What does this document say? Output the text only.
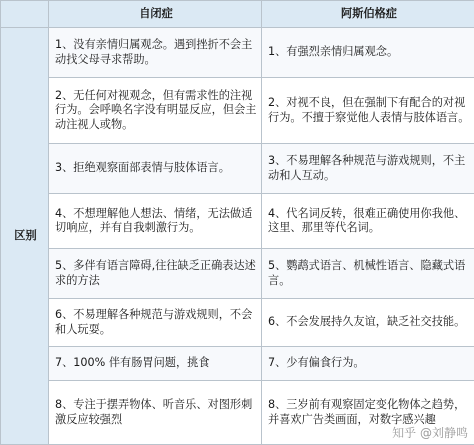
	自闭症	阿斯伯格症
区别	1、没有亲情归属观念。遇到挫折不会主动找父母寻求帮助。	1、有强烈亲情归属观念。
	2、无任何对视观念，但有需求性的注视行为。会呼唤名字没有明显反应，但会主动注视人或物。	2、对视不良，但在强制下有配合的对视行为。不擅于察觉他人表情与肢体语言。
	3、拒绝观察面部表情与肢体语言。	3、不易理解各种规范与游戏规则，不主动和人互动。
	4、不想理解他人想法、情绪，无法做适切响应，并有自我刺激行为。	4、代名词反转，很难正确使用你我他、这里、那里等代名词。
	5、多伴有语言障碍,往往缺乏正确表达述求的方法	5、鹦鹉式语言、机械性语言、隐藏式语言。
	6、不易理解各种规范与游戏规则，不会和人玩耍。	6、不会发展持久友谊，缺乏社交技能。
	7、100% 伴有肠胃问题，挑食	7、少有偏食行为。
	8、专注于摆弄物体、听音乐、对图形刺激反应较强烈	8、三岁前有观察固定变化物体之趋势，并喜欢广告类画面，对数字感兴趣
知乎 @刘静鸣
